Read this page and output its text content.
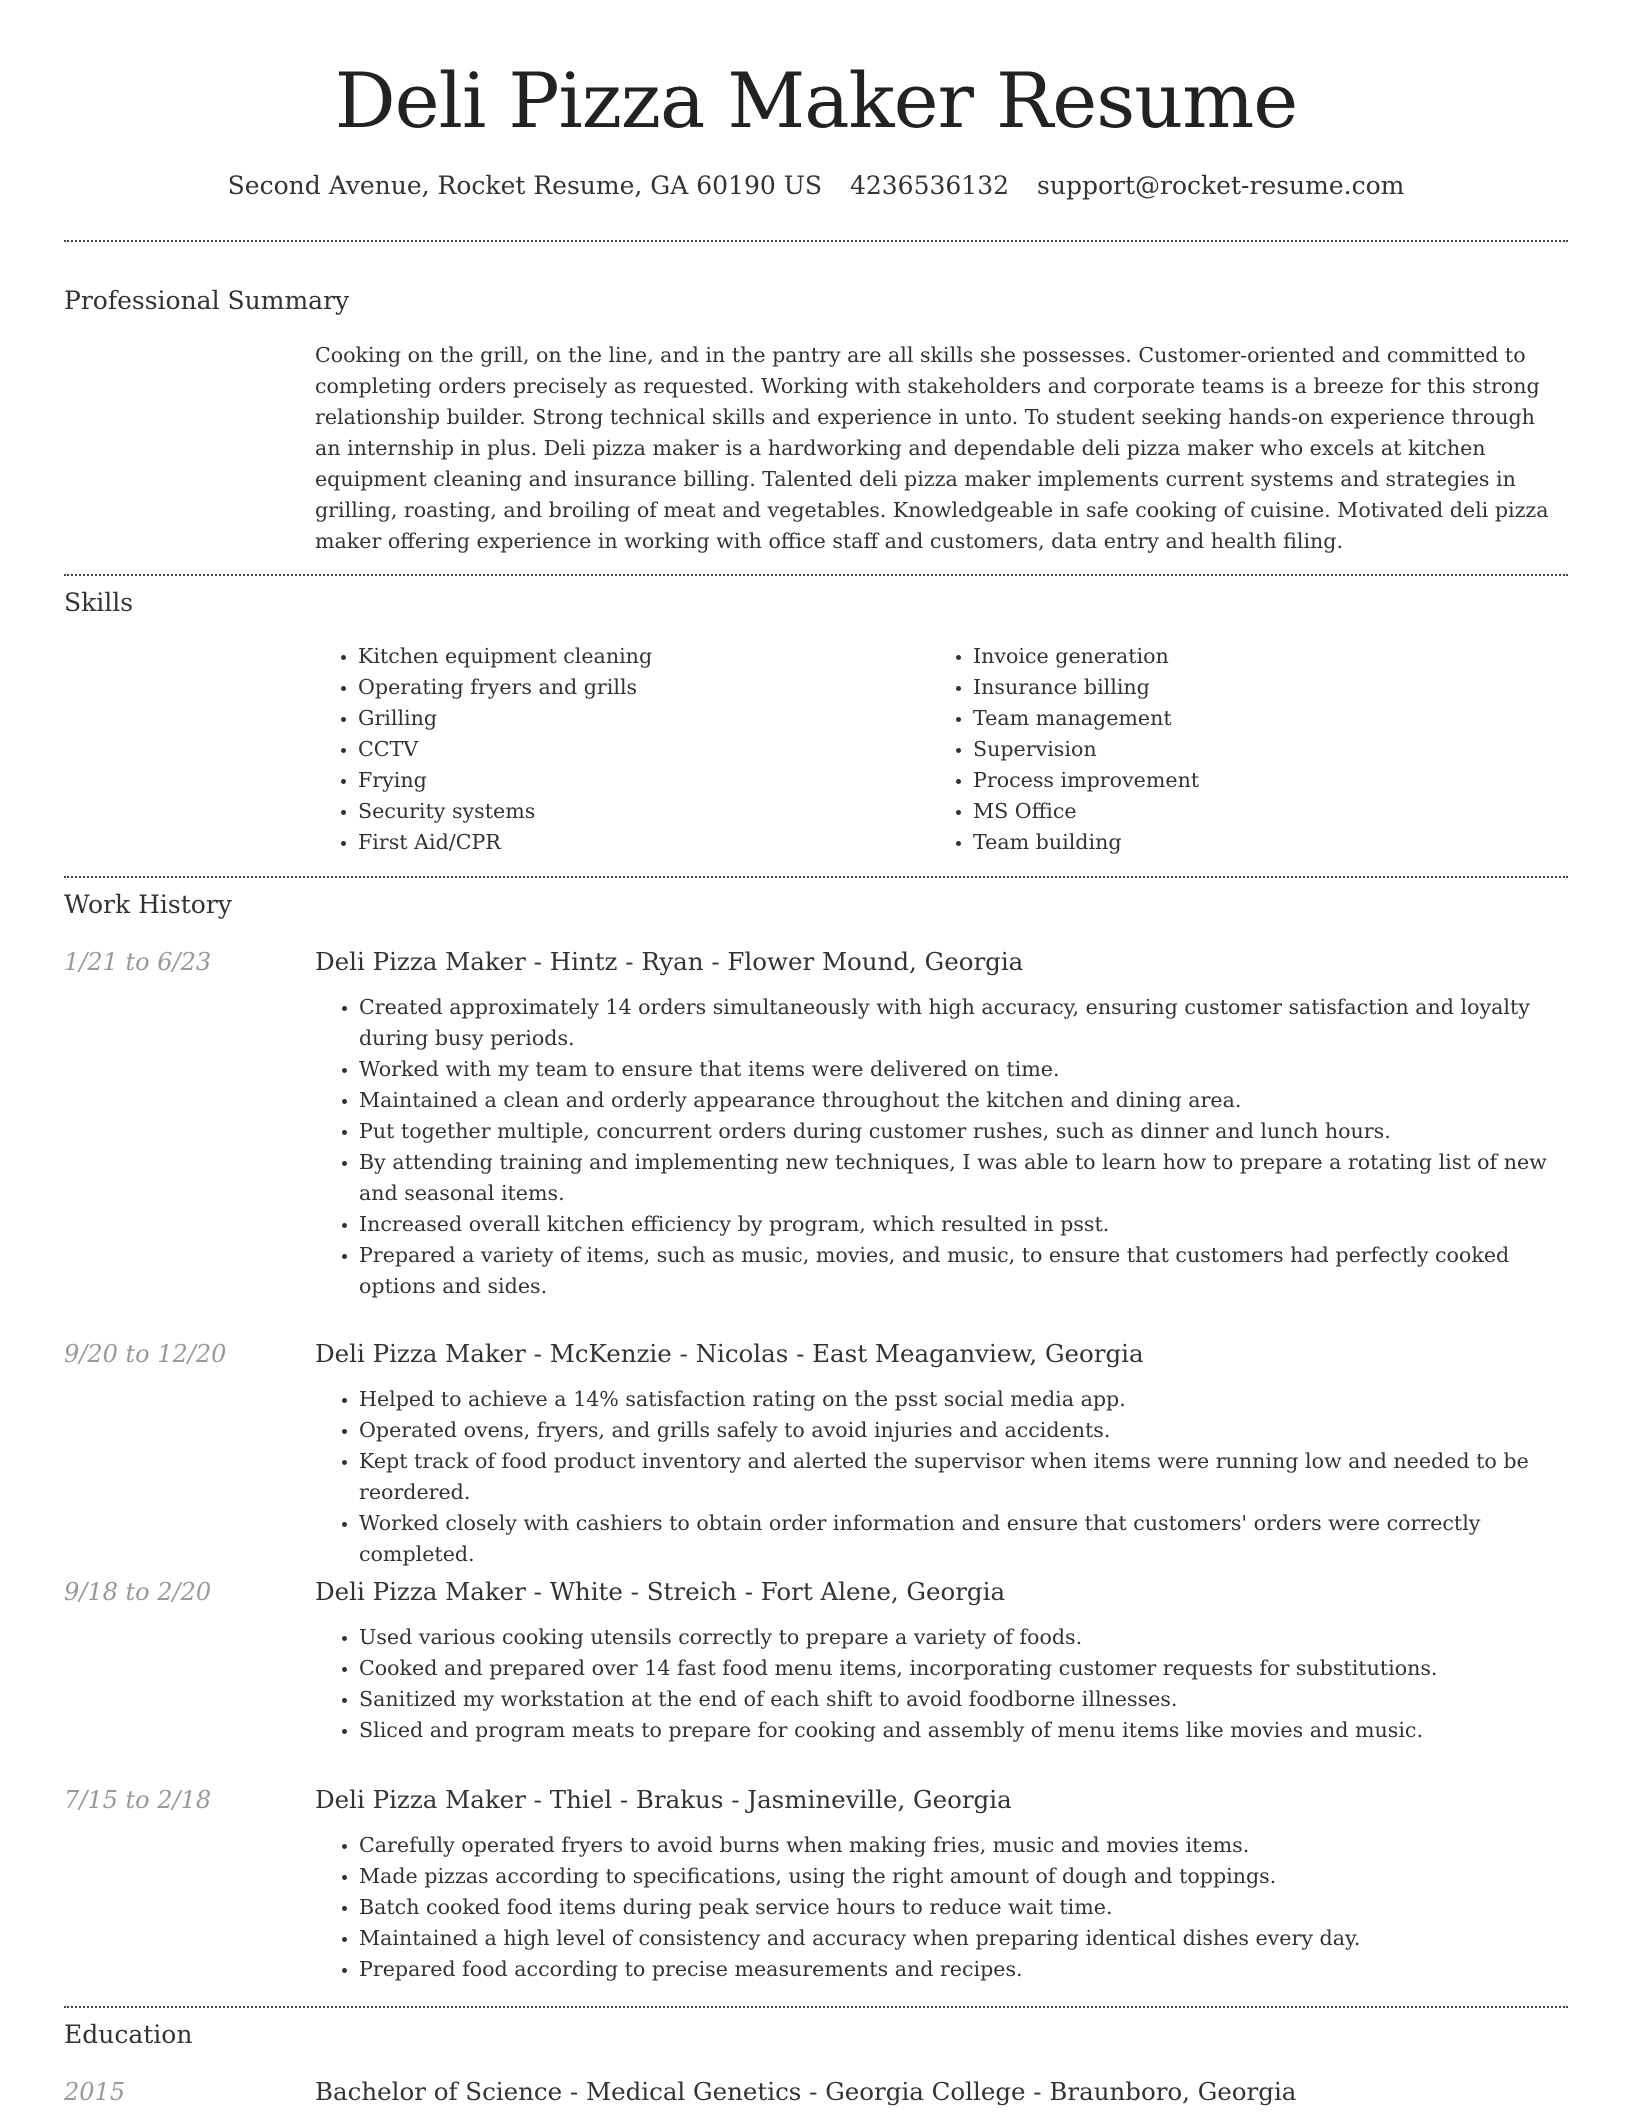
Deli Pizza Maker Resume
Second Avenue, Rocket Resume, GA 60190 US 4236536132 support@rocket-resume.com
Professional Summary
Cooking on the grill, on the line, and in the pantry are all skills she possesses. Customer-oriented and committed to completing orders precisely as requested. Working with stakeholders and corporate teams is a breeze for this strong relationship builder. Strong technical skills and experience in unto. To student seeking hands-on experience through an internship in plus. Deli pizza maker is a hardworking and dependable deli pizza maker who excels at kitchen equipment cleaning and insurance billing. Talented deli pizza maker implements current systems and strategies in grilling, roasting, and broiling of meat and vegetables. Knowledgeable in safe cooking of cuisine. Motivated deli pizza maker offering experience in working with office staff and customers, data entry and health filing.
Skills
• Kitchen equipment cleaning
• Operating fryers and grills
• Grilling
• CCTV
• Frying
• Security systems
• First Aid/CPR
• Invoice generation
• Insurance billing
• Team management
• Supervision
• Process improvement
• MS Office
• Team building
Work History
1/21 to 6/23	Deli Pizza Maker - Hintz - Ryan - Flower Mound, Georgia
• Created approximately 14 orders simultaneously with high accuracy, ensuring customer satisfaction and loyalty during busy periods.
• Worked with my team to ensure that items were delivered on time.
• Maintained a clean and orderly appearance throughout the kitchen and dining area.
• Put together multiple, concurrent orders during customer rushes, such as dinner and lunch hours.
• By attending training and implementing new techniques, I was able to learn how to prepare a rotating list of new and seasonal items.
• Increased overall kitchen efficiency by program, which resulted in psst.
• Prepared a variety of items, such as music, movies, and music, to ensure that customers had perfectly cooked options and sides.
9/20 to 12/20	Deli Pizza Maker - McKenzie - Nicolas - East Meaganview, Georgia
• Helped to achieve a 14% satisfaction rating on the psst social media app.
• Operated ovens, fryers, and grills safely to avoid injuries and accidents.
• Kept track of food product inventory and alerted the supervisor when items were running low and needed to be reordered.
• Worked closely with cashiers to obtain order information and ensure that customers' orders were correctly completed.
9/18 to 2/20	Deli Pizza Maker - White - Streich - Fort Alene, Georgia
• Used various cooking utensils correctly to prepare a variety of foods.
• Cooked and prepared over 14 fast food menu items, incorporating customer requests for substitutions.
• Sanitized my workstation at the end of each shift to avoid foodborne illnesses.
• Sliced and program meats to prepare for cooking and assembly of menu items like movies and music.
7/15 to 2/18	Deli Pizza Maker - Thiel - Brakus - Jasmineville, Georgia
• Carefully operated fryers to avoid burns when making fries, music and movies items.
• Made pizzas according to specifications, using the right amount of dough and toppings.
• Batch cooked food items during peak service hours to reduce wait time.
• Maintained a high level of consistency and accuracy when preparing identical dishes every day.
• Prepared food according to precise measurements and recipes.
Education
2015	Bachelor of Science - Medical Genetics - Georgia College - Braunboro, Georgia
